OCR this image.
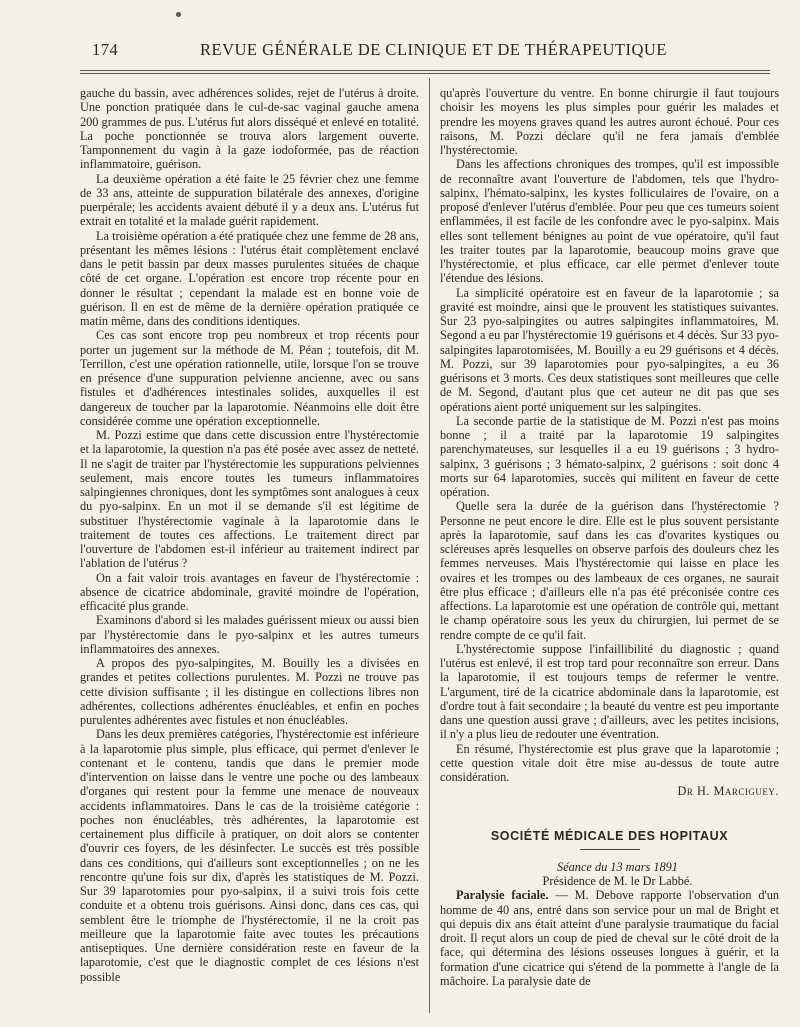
174	REVUE GÉNÉRALE DE CLINIQUE ET DE THÉRAPEUTIQUE

gauche du bassin, avec adhérences solides, rejet de l'utérus à droite. Une ponction pratiquée dans le cul-de-sac vaginal gauche amena 200 grammes de pus. L'utérus fut alors disséqué et enlevé en totalité. La poche ponctionnée se trouva alors largement ouverte. Tamponnement du vagin à la gaze iodoformée, pas de réaction inflammatoire, guérison.

La deuxième opération a été faite le 25 février chez une femme de 33 ans, atteinte de suppuration bilatérale des annexes, d'origine puerpérale; les accidents avaient débuté il y a deux ans. L'utérus fut extrait en totalité et la malade guérit rapidement.

La troisième opération a été pratiquée chez une femme de 28 ans, présentant les mêmes lésions : l'utérus était complètement enclavé dans le petit bassin par deux masses purulentes situées de chaque côté de cet organe. L'opération est encore trop récente pour en donner le résultat ; cependant la malade est en bonne voie de guérison. Il en est de même de la dernière opération pratiquée ce matin même, dans des conditions identiques.

Ces cas sont encore trop peu nombreux et trop récents pour porter un jugement sur la méthode de M. Péan ; toutefois, dit M. Terrillon, c'est une opération rationnelle, utile, lorsque l'on se trouve en présence d'une suppuration pelvienne ancienne, avec ou sans fistules et d'adhérences intestinales solides, auxquelles il est dangereux de toucher par la laparotomie. Néanmoins elle doit être considérée comme une opération exceptionnelle.

M. Pozzi estime que dans cette discussion entre l'hystérectomie et la laparotomie, la question n'a pas été posée avec assez de netteté. Il ne s'agit de traiter par l'hystérectomie les suppurations pelviennes seulement, mais encore toutes les tumeurs inflammatoires salpingiennes chroniques, dont les symptômes sont analogues à ceux du pyo-salpinx. En un mot il se demande s'il est légitime de substituer l'hystérectomie vaginale à la laparotomie dans le traitement de toutes ces affections. Le traitement direct par l'ouverture de l'abdomen est-il inférieur au traitement indirect par l'ablation de l'utérus ?

On a fait valoir trois avantages en faveur de l'hystérectomie : absence de cicatrice abdominale, gravité moindre de l'opération, efficacité plus grande.

Examinons d'abord si les malades guérissent mieux ou aussi bien par l'hystérectomie dans le pyo-salpinx et les autres tumeurs inflammatoires des annexes.

A propos des pyo-salpingites, M. Bouilly les a divisées en grandes et petites collections purulentes. M. Pozzi ne trouve pas cette division suffisante ; il les distingue en collections libres non adhérentes, collections adhérentes énucléables, et enfin en poches purulentes adhérentes avec fistules et non énucléables.

Dans les deux premières catégories, l'hystérectomie est inférieure à la laparotomie plus simple, plus efficace, qui permet d'enlever le contenant et le contenu, tandis que dans le premier mode d'intervention on laisse dans le ventre une poche ou des lambeaux d'organes qui restent pour la femme une menace de nouveaux accidents inflammatoires. Dans le cas de la troisième catégorie : poches non énucléables, très adhérentes, la laparotomie est certainement plus difficile à pratiquer, on doit alors se contenter d'ouvrir ces foyers, de les désinfecter. Le succès est très possible dans ces conditions, qui d'ailleurs sont exceptionnelles ; on ne les rencontre qu'une fois sur dix, d'après les statistiques de M. Pozzi. Sur 39 laparotomies pour pyo-salpinx, il a suivi trois fois cette conduite et a obtenu trois guérisons. Ainsi donc, dans ces cas, qui semblent être le triomphe de l'hystérectomie, il ne la croit pas meilleure que la laparotomie faite avec toutes les précautions antiseptiques. Une dernière considération reste en faveur de la laparotomie, c'est que le diagnostic complet de ces lésions n'est possible

qu'après l'ouverture du ventre. En bonne chirurgie il faut toujours choisir les moyens les plus simples pour guérir les malades et prendre les moyens graves quand les autres auront échoué. Pour ces raisons, M. Pozzi déclare qu'il ne fera jamais d'emblée l'hystérectomie.

Dans les affections chroniques des trompes, qu'il est impossible de reconnaître avant l'ouverture de l'abdomen, tels que l'hydro-salpinx, l'hémato-salpinx, les kystes folliculaires de l'ovaire, on a proposé d'enlever l'utérus d'emblée. Pour peu que ces tumeurs soient enflammées, il est facile de les confondre avec le pyo-salpinx. Mais elles sont tellement bénignes au point de vue opératoire, qu'il faut les traiter toutes par la laparotomie, beaucoup moins grave que l'hystérectomie, et plus efficace, car elle permet d'enlever toute l'étendue des lésions.

La simplicité opératoire est en faveur de la laparotomie ; sa gravité est moindre, ainsi que le prouvent les statistiques suivantes. Sur 23 pyo-salpingites ou autres salpingites inflammatoires, M. Segond a eu par l'hystérectomie 19 guérisons et 4 décès. Sur 33 pyo-salpingites laparotomisées, M. Bouilly a eu 29 guérisons et 4 décès. M. Pozzi, sur 39 laparotomies pour pyo-salpingites, a eu 36 guérisons et 3 morts. Ces deux statistiques sont meilleures que celle de M. Segond, d'autant plus que cet auteur ne dit pas que ses opérations aient porté uniquement sur les salpingites.

La seconde partie de la statistique de M. Pozzi n'est pas moins bonne ; il a traité par la laparotomie 19 salpingites parenchymateuses, sur lesquelles il a eu 19 guérisons ; 3 hydro-salpinx, 3 guérisons ; 3 hémato-salpinx, 2 guérisons : soit donc 4 morts sur 64 laparotomies, succès qui militent en faveur de cette opération.

Quelle sera la durée de la guérison dans l'hystérectomie ? Personne ne peut encore le dire. Elle est le plus souvent persistante après la laparotomie, sauf dans les cas d'ovarites kystiques ou scléreuses après lesquelles on observe parfois des douleurs chez les femmes nerveuses. Mais l'hystérectomie qui laisse en place les ovaires et les trompes ou des lambeaux de ces organes, ne saurait être plus efficace ; d'ailleurs elle n'a pas été préconisée contre ces affections. La laparotomie est une opération de contrôle qui, mettant le champ opératoire sous les yeux du chirurgien, lui permet de se rendre compte de ce qu'il fait.

L'hystérectomie suppose l'infaillibilité du diagnostic ; quand l'utérus est enlevé, il est trop tard pour reconnaître son erreur. Dans la laparotomie, il est toujours temps de refermer le ventre. L'argument, tiré de la cicatrice abdominale dans la laparotomie, est d'ordre tout à fait secondaire ; la beauté du ventre est peu importante dans une question aussi grave ; d'ailleurs, avec les petites incisions, il n'y a plus lieu de redouter une éventration.

En résumé, l'hystérectomie est plus grave que la laparotomie ; cette question vitale doit être mise au-dessus de toute autre considération.

Dr H. Marciguey.

SOCIÉTÉ MÉDICALE DES HOPITAUX

Séance du 13 mars 1891

Présidence de M. le Dr Labbé.

Paralysie faciale. — M. Debove rapporte l'observation d'un homme de 40 ans, entré dans son service pour un mal de Bright et qui depuis dix ans était atteint d'une paralysie traumatique du facial droit. Il reçut alors un coup de pied de cheval sur le côté droit de la face, qui détermina des lésions osseuses longues à guérir, et la formation d'une cicatrice qui s'étend de la pommette à l'angle de la mâchoire. La paralysie date de
